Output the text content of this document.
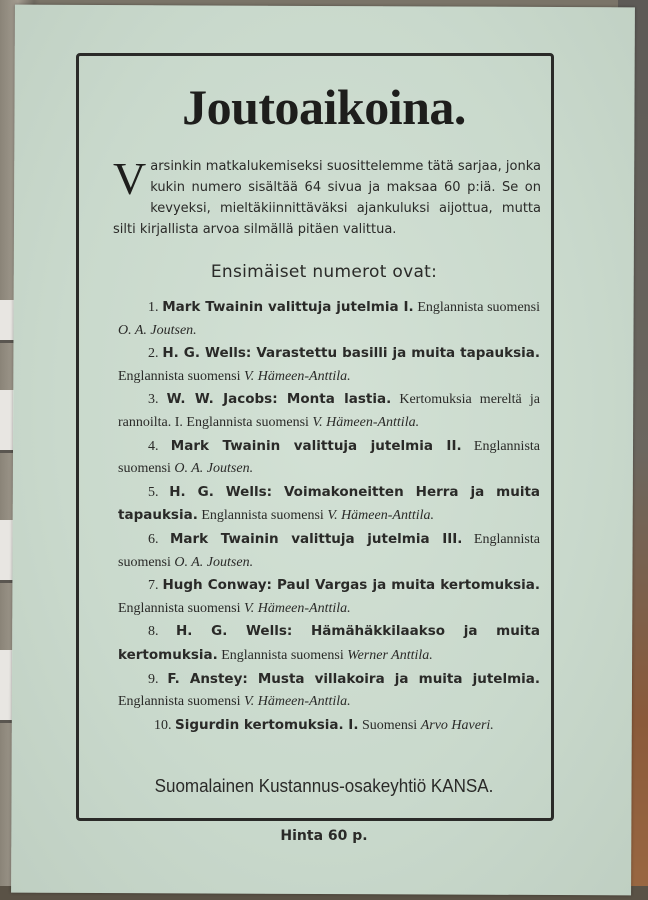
Joutoaikoina.
Varsinkin matkalukemiseksi suosittelemme tätä sarjaa, jonka kukin numero sisältää 64 sivua ja maksaa 60 p:iä. Se on kevyeksi, mieltäkiinnittäväksi ajankuluksi aijottua, mutta silti kirjallista arvoa silmällä pitäen valittua.
Ensimäiset numerot ovat:

1. Mark Twainin valittuja jutelmia I. Englannista suomensi O. A. Joutsen.

2. H. G. Wells: Varastettu basilli ja muita tapauksia. Englannista suomensi V. Hämeen-Anttila.

3. W. W. Jacobs: Monta lastia. Kertomuksia mereltä ja rannoilta. I. Englannista suomensi V. Hämeen-Anttila.

4. Mark Twainin valittuja jutelmia II. Englannista suomensi O. A. Joutsen.

5. H. G. Wells: Voimakoneitten Herra ja muita tapauksia. Englannista suomensi V. Hämeen-Anttila.

6. Mark Twainin valittuja jutelmia III. Englannista suomensi O. A. Joutsen.

7. Hugh Conway: Paul Vargas ja muita kertomuksia. Englannista suomensi V. Hämeen-Anttila.

8. H. G. Wells: Hämähäkkilaakso ja muita kertomuksia. Englannista suomensi Werner Anttila.

9. F. Anstey: Musta villakoira ja muita jutelmia. Englannista suomensi V. Hämeen-Anttila.

10. Sigurdin kertomuksia. I. Suomensi Arvo Haveri.

Suomalainen Kustannus-osakeyhtiö KANSA.
Hinta 60 p.
